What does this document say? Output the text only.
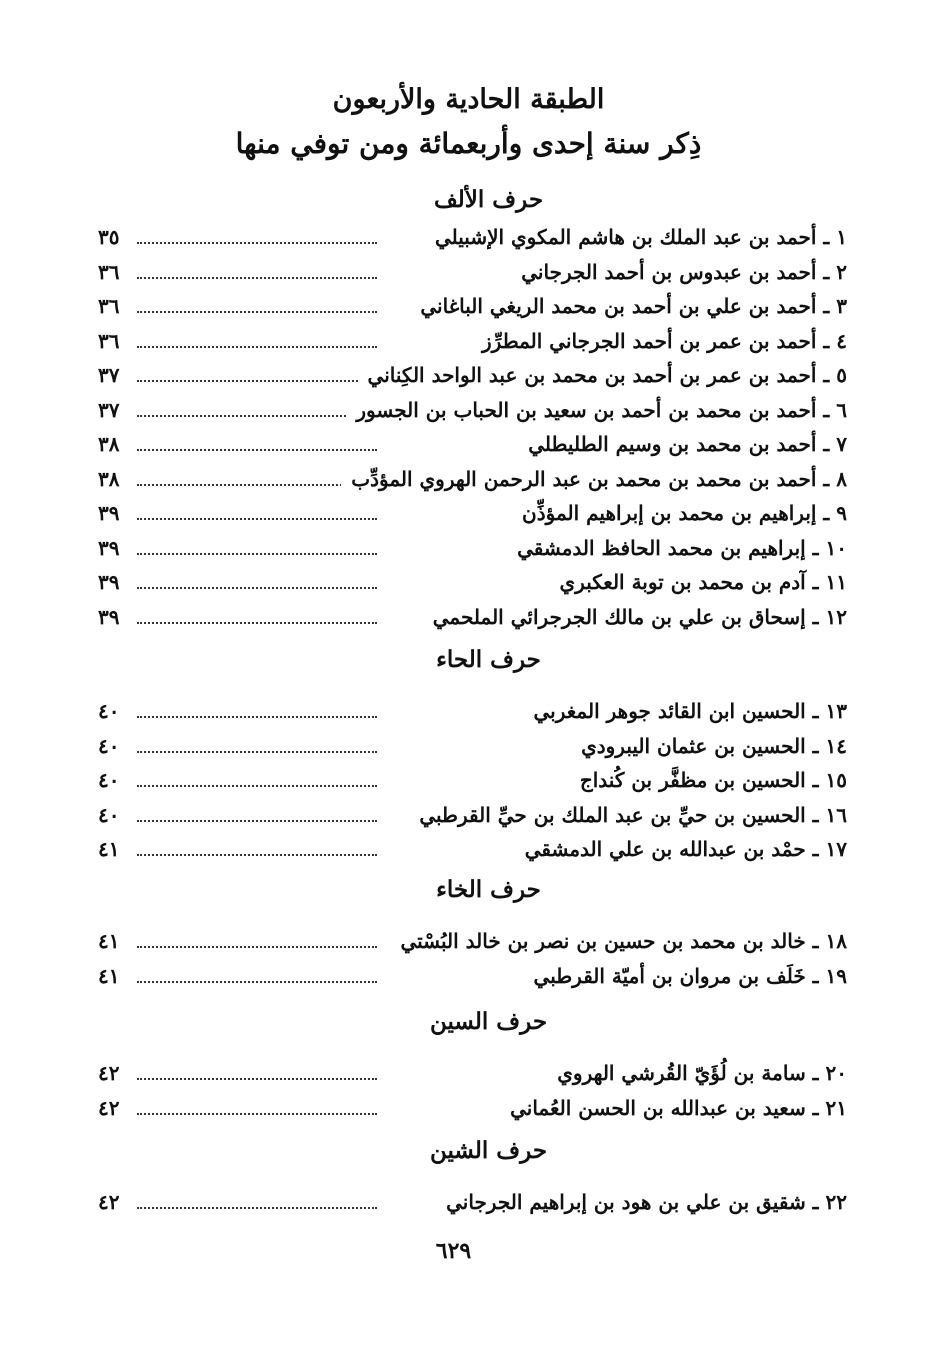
الطبقة الحادية والأربعون
ذِكر سنة إحدى وأربعمائة ومن توفي منها
حرف الألف
١ ـ أحمد بن عبد الملك بن هاشم المكوي الإشبيلي
٣٥
٢ ـ أحمد بن عبدوس بن أحمد الجرجاني
٣٦
٣ ـ أحمد بن علي بن أحمد بن محمد الريغي الباغاني
٣٦
٤ ـ أحمد بن عمر بن أحمد الجرجاني المطرِّز
٣٦
٥ ـ أحمد بن عمر بن أحمد بن محمد بن عبد الواحد الكِناني
٣٧
٦ ـ أحمد بن محمد بن أحمد بن سعيد بن الحباب بن الجسور
٣٧
٧ ـ أحمد بن محمد بن وسيم الطليطلي
٣٨
٨ ـ أحمد بن محمد بن محمد بن عبد الرحمن الهروي المؤدِّب
٣٨
٩ ـ إبراهيم بن محمد بن إبراهيم المؤذِّن
٣٩
١٠ ـ إبراهيم بن محمد الحافظ الدمشقي
٣٩
١١ ـ آدم بن محمد بن توبة العكبري
٣٩
١٢ ـ إسحاق بن علي بن مالك الجرجرائي الملحمي
٣٩
حرف الحاء
١٣ ـ الحسين ابن القائد جوهر المغربي
٤٠
١٤ ـ الحسين بن عثمان اليبرودي
٤٠
١٥ ـ الحسين بن مظفَّر بن كُنداج
٤٠
١٦ ـ الحسين بن حيِّ بن عبد الملك بن حيِّ القرطبي
٤٠
١٧ ـ حمْد بن عبدالله بن علي الدمشقي
٤١
حرف الخاء
١٨ ـ خالد بن محمد بن حسين بن نصر بن خالد البُسْتي
٤١
١٩ ـ خَلَف بن مروان بن أميّة القرطبي
٤١
حرف السين
٢٠ ـ سامة بن لُؤَيّ القُرشي الهروي
٤٢
٢١ ـ سعيد بن عبدالله بن الحسن العُماني
٤٢
حرف الشين
٢٢ ـ شقيق بن علي بن هود بن إبراهيم الجرجاني
٤٢
٦٢٩
